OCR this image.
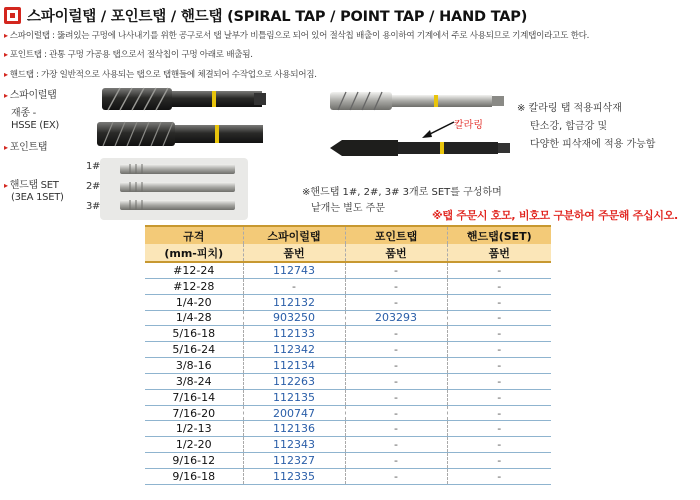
스파이럴탭 / 포인트탭 / 핸드탭 (SPIRAL TAP / POINT TAP / HAND TAP)
▸ 스파이럴탭 : 뚫려있는 구멍에 나사내기를 위한 공구로서 탭 날부가 비틀림으로 되어 있어 절삭칩 배출이 용이하여 기계에서 주로 사용되므로 기계탭이라고도 한다.
▸ 포인트탭 : 관통 구멍 가공용 탭으로서 절삭칩이 구멍 아래로 배출됨.
▸ 핸드탭 : 가장 일반적으로 사용되는 탭으로 탭핸들에 체결되어 수작업으로 사용되어짐.
▸ 스파이럴탭
재종 -
HSSE (EX)
▸ 포인트탭
▸ 핸드탭 SET
(3EA 1SET)
1#
2#
3#
칼라링
※ 칼라링 탭 적용피삭재
탄소강, 합금강 및
다양한 피삭재에 적용 가능함
※핸드탭 1#, 2#, 3# 3개로 SET를 구성하며
낱개는 별도 주문
※탭 주문시 호모, 비호모 구분하여 주문해 주십시오.
규격	스파이럴탭	포인트탭	핸드탭(SET)
(mm-피치)	품번	품번	품번
#12-24	112743	-	-
#12-28	-	-	-
1/4-20	112132	-	-
1/4-28	903250	203293	-
5/16-18	112133	-	-
5/16-24	112342	-	-
3/8-16	112134	-	-
3/8-24	112263	-	-
7/16-14	112135	-	-
7/16-20	200747	-	-
1/2-13	112136	-	-
1/2-20	112343	-	-
9/16-12	112327	-	-
9/16-18	112335	-	-
